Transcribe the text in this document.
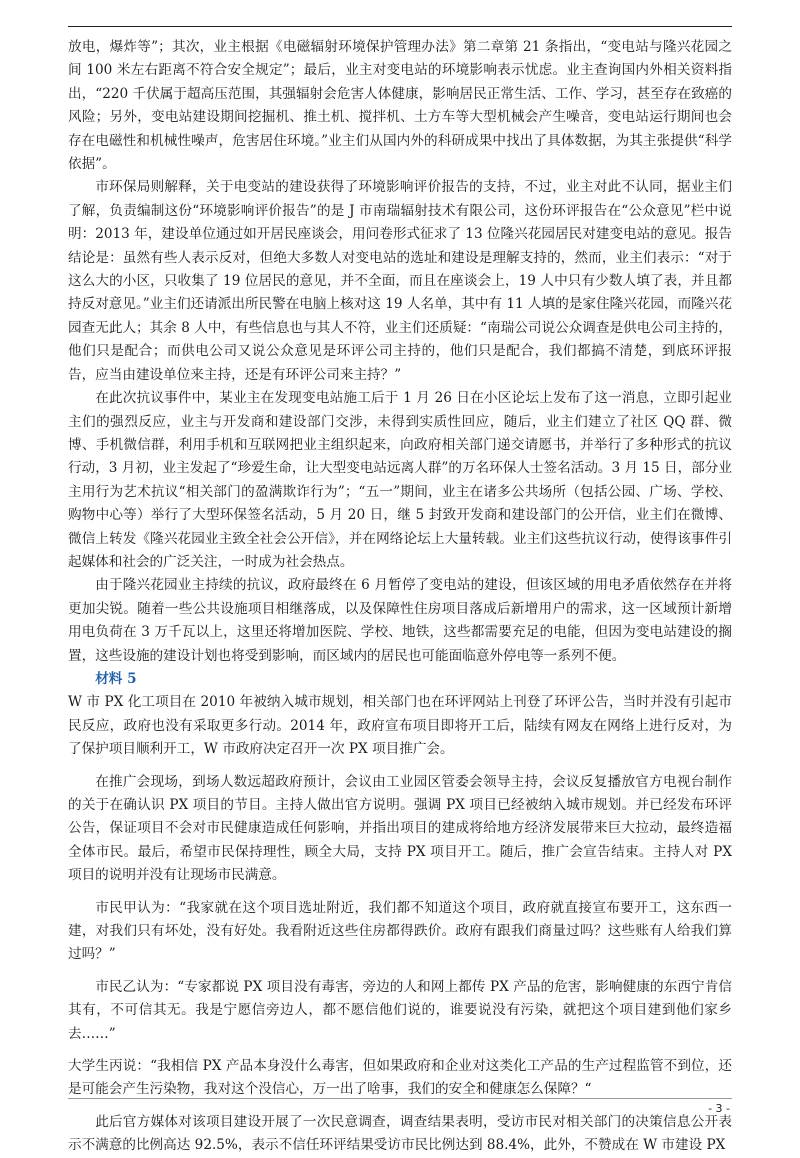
放电，爆炸等”；其次，业主根据《电磁辐射环境保护管理办法》第二章第 21 条指出，“变电站与隆兴花园之间 100 米左右距离不符合安全规定”；最后，业主对变电站的环境影响表示忧虑。业主查询国内外相关资料指出，“220 千伏属于超高压范围，其强辐射会危害人体健康，影响居民正常生活、工作、学习，甚至存在致癌的风险；另外，变电站建设期间挖掘机、推土机、搅拌机、土方车等大型机械会产生噪音，变电站运行期间也会存在电磁性和机械性噪声，危害居住环境。”业主们从国内外的科研成果中找出了具体数据，为其主张提供“科学依据”。

市环保局则解释，关于电变站的建设获得了环境影响评价报告的支持，不过，业主对此不认同，据业主们了解，负责编制这份“环境影响评价报告”的是 J 市南瑞辐射技术有限公司，这份环评报告在“公众意见”栏中说明：2013 年，建设单位通过如开居民座谈会，用问卷形式征求了 13 位隆兴花园居民对建变电站的意见。报告结论是：虽然有些人表示反对，但绝大多数人对变电站的选址和建设是理解支持的，然而，业主们表示：“对于这么大的小区，只收集了 19 位居民的意见，并不全面，而且在座谈会上，19 人中只有少数人填了表，并且都持反对意见。”业主们还请派出所民警在电脑上核对这 19 人名单，其中有 11 人填的是家住隆兴花园，而隆兴花园查无此人；其余 8 人中，有些信息也与其人不符，业主们还质疑：“南瑞公司说公众调查是供电公司主持的，他们只是配合；而供电公司又说公众意见是环评公司主持的，他们只是配合，我们都搞不清楚，到底环评报告，应当由建设单位来主持，还是有环评公司来主持？”

在此次抗议事件中，某业主在发现变电站施工后于 1 月 26 日在小区论坛上发布了这一消息，立即引起业主们的强烈反应，业主与开发商和建设部门交涉，未得到实质性回应，随后，业主们建立了社区 QQ 群、微博、手机微信群，利用手机和互联网把业主组织起来，向政府相关部门递交请愿书，并举行了多种形式的抗议行动，3 月初，业主发起了“珍爱生命，让大型变电站远离人群”的万名环保人士签名活动。3 月 15 日，部分业主用行为艺术抗议“相关部门的盈满欺诈行为”；“五一”期间，业主在诸多公共场所（包括公园、广场、学校、购物中心等）举行了大型环保签名活动，5 月 20 日，继 5 封致开发商和建设部门的公开信，业主们在微博、微信上转发《隆兴花园业主致全社会公开信》，并在网络论坛上大量转载。业主们这些抗议行动，使得该事件引起媒体和社会的广泛关注，一时成为社会热点。

由于隆兴花园业主持续的抗议，政府最终在 6 月暂停了变电站的建设，但该区域的用电矛盾依然存在并将更加尖锐。随着一些公共设施项目相继落成，以及保障性住房项目落成后新增用户的需求，这一区域预计新增用电负荷在 3 万千瓦以上，这里还将增加医院、学校、地铁，这些都需要充足的电能，但因为变电站建设的搁置，这些设施的建设计划也将受到影响，而区域内的居民也可能面临意外停电等一系列不便。

材料 5

W 市 PX 化工项目在 2010 年被纳入城市规划，相关部门也在环评网站上刊登了环评公告，当时并没有引起市民反应，政府也没有采取更多行动。2014 年，政府宣布项目即将开工后，陆续有网友在网络上进行反对，为了保护项目顺利开工，W 市政府决定召开一次 PX 项目推广会。

在推广会现场，到场人数远超政府预计，会议由工业园区管委会领导主持，会议反复播放官方电视台制作的关于在确认识 PX 项目的节目。主持人做出官方说明。强调 PX 项目已经被纳入城市规划。并已经发布环评公告，保证项目不会对市民健康造成任何影响，并指出项目的建成将给地方经济发展带来巨大拉动，最终造福全体市民。最后，希望市民保持理性，顾全大局，支持 PX 项目开工。随后，推广会宣告结束。主持人对 PX 项目的说明并没有让现场市民满意。

市民甲认为：“我家就在这个项目选址附近，我们都不知道这个项目，政府就直接宣布要开工，这东西一建，对我们只有坏处，没有好处。我看附近这些住房都得跌价。政府有跟我们商量过吗？这些账有人给我们算过吗？”

市民乙认为：“专家都说 PX 项目没有毒害，旁边的人和网上都传 PX 产品的危害，影响健康的东西宁肯信其有，不可信其无。我是宁愿信旁边人，都不愿信他们说的，谁要说没有污染，就把这个项目建到他们家乡去……”

大学生丙说：“我相信 PX 产品本身没什么毒害，但如果政府和企业对这类化工产品的生产过程监管不到位，还是可能会产生污染物，我对这个没信心，万一出了啥事，我们的安全和健康怎么保障？“

此后官方媒体对该项目建设开展了一次民意调查，调查结果表明，受访市民对相关部门的决策信息公开表示不满意的比例高达 92.5%，表示不信任环评结果受访市民比例达到 88.4%，此外，不赞成在 W 市建设 PX

- 3 -
